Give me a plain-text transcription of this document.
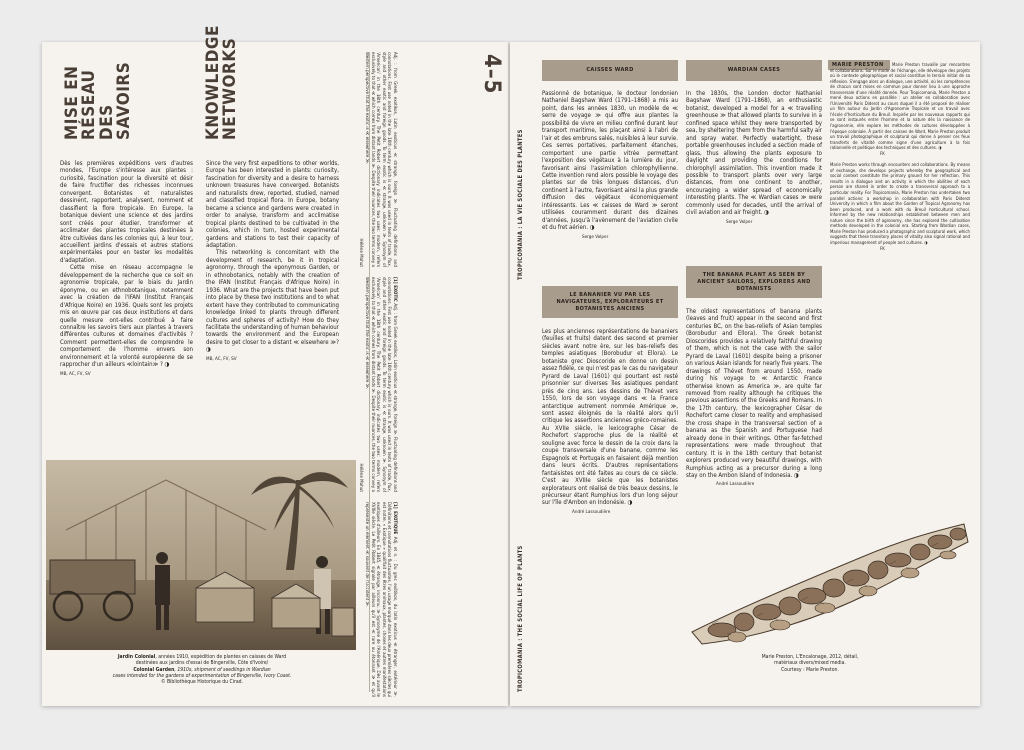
MISE EN RÉSEAU DES SAVOIRS	KNOWLEDGE NETWORKS

Dès les premières expéditions vers d'autres mondes, l'Europe s'intéresse aux plantes : curiosité, fascination pour la diversité et désir de faire fructifier des richesses inconnues convergent. Botanistes et naturalistes dessinent, rapportent, analysent, nomment et classifient la flore tropicale. En Europe, la botanique devient une science et des jardins sont créés pour étudier, transformer et acclimater des plantes tropicales destinées à être cultivées dans les colonies qui, à leur tour, accueillent jardins d'essais et autres stations expérimentales pour en tester les modalités d'adaptation.

Cette mise en réseau accompagne le développement de la recherche que ce soit en agronomie tropicale, par le biais du Jardin éponyme, ou en ethnobotanique, notamment avec la création de l'IFAN (Institut Français d'Afrique Noire) en 1936. Quels sont les projets mis en œuvre par ces deux institutions et dans quelle mesure ont-elles contribué à faire connaître les savoirs tiers aux plantes à travers différentes cultures et domaines d'activités ? Comment permettent-elles de comprendre le comportement de l'homme envers son environnement et la volonté européenne de se rapprocher d'un ailleurs ≪lointain≫ ? ◑

MB, AC, FV, SV

Since the very first expeditions to other worlds, Europe has been interested in plants: curiosity, fascination for diversity and a desire to harness unknown treasures have converged. Botanists and naturalists drew, reported, studied, named and classified tropical flora. In Europe, botany became a science and gardens were created in order to analyse, transform and acclimatise tropical plants destined to be cultivated in the colonies, which in turn, hosted experimental gardens and stations to test their capacity of adaptation.

This networking is concomitant with the development of research, be it in tropical agronomy, through the eponymous Garden, or in ethnobotanics, notably with the creation of the IFAN (Institut Français d'Afrique Noire) in 1936. What are the projects that have been put into place by these two institutions and to what extent have they contributed to communicating knowledge linked to plants through different cultures and spheres of activity? How do they facilitate the understanding of human behaviour towards the environment and the European desire to get closer to a distant ≪ elsewhere ≫? ◑

MB, AC, FV, SV
Adj. : from Greek exotikos, Latin exoticus ≪ strange, foreign ≫. Fluctuating definitions and connotations. First use noted in the late 16th century which is ours. It was used in texts of trade, flux, style and other exotic and foreign goods. To term exotic is ≪ strange, unknown ≫. Synonym of ‘American’ in the 18th century. The Petit Robert dictionary indicates two uses: modern, refers exclusively to that ≪ which comes from distant lands ≫. Despite their nuances, the two terms convey a Western perspective that the exotic is ≪ elsewhere ≫.
Hélène Mahut
[1] EXOTIC Adj. : from Greek exotikos, Latin exoticus ≪ strange, foreign ≫. Fluctuating definitions and connotations. First use noted in the late 16th century which is ours. It was used in texts of trade, flux, style and other exotic and foreign goods. To term exotic is ≪ strange, unknown ≫. Synonym of ‘American’ in the 18th century. The Petit Robert dictionary indicates two uses: modern, refers exclusively to that ≪ which comes from distant lands ≫. Despite their nuances, the two terms convey a Western perspective that the exotic is ≪ elsewhere ≫.
Hélène Mahut
[1] EXOTIQUE Adj. et n. : Du grec exôtikos, du latin exoticus ≪ étranger, extérieur ≫. Définitions et connotations fluctuantes, l'un usage marqué dans les deux premières siècles qui est notre, « Exotique » qualifiait des êtres animaux, plantes, choses et autres manifestations exotiques d'ailleurs. En 1845, ≪ étrange, inconnu. ≫ Synonyme de l'Amérique. Dès avant le XVIIIe siècle. Le Petit Robert signale par ailleurs qu'il est ≪ rare ou étonnant ≫ et qu'il représente un élément ≪ souvent de l'Occident ≫.
Jardin Colonial, années 1910, expédition de plantes en caisses de Ward
destinées aux jardins d'essai de Bingerville, Côte d'Ivoire/
Colonial Garden, 1910s, shipment of seedlings in Wardian
cases intended for the gardens of experimentation of Bingerville, Ivory Coast.
© Bibliothèque Historique du Cirad.
TROPICOMANIA : LA VIE SOCIALE DES PLANTES
TROPICOMANIA : THE SOCIAL LIFE OF PLANTS
4–5	CAISSES WARD

Passionné de botanique, le docteur londonien Nathaniel Bagshaw Ward (1791–1868) a mis au point, dans les années 1830, un modèle de ≪ serre de voyage ≫ qui offre aux plantes la possibilité de vivre en milieu confiné durant leur transport maritime, les plaçant ainsi à l'abri de l'air et des embruns salés, nuisibles à leur survie. Ces serres portatives, parfaitement étanches, comportent une partie vitrée permettant l'exposition des végétaux à la lumière du jour, favorisant ainsi l'assimilation chlorophyllienne. Cette invention rend alors possible le voyage des plantes sur de très longues distances, d'un continent à l'autre, favorisant ainsi la plus grande diffusion des végétaux économiquement intéressants. Les ≪ caisses de Ward ≫ seront utilisées couramment durant des dizaines d'années, jusqu'à l'avènement de l'aviation civile et du fret aérien. ◑

Serge Volper
WARDIAN CASES

In the 1830s, the London doctor Nathaniel Bagshaw Ward (1791–1868), an enthusiastic botanist, developed a model for a ≪ travelling greenhouse ≫ that allowed plants to survive in a confined space whilst they were transported by sea, by sheltering them from the harmful salty air and spray water. Perfectly watertight, these portable greenhouses included a section made of glass, thus allowing the plants exposure to daylight and providing the conditions for chlorophyll assimilation. This invention made it possible to transport plants over very large distances, from one continent to another, encouraging a wider spread of economically interesting plants. The ≪ Wardian cases ≫ were commonly used for decades, until the arrival of civil aviation and air freight. ◑

Serge Volper
MARIE PRESTON	Marie Preston travaille par rencontres et collaborations. Sur le mode de l'échange, elle développe des projets où le contexte géographique et social constitue le terrain initial de sa réflexion. S'engage alors un dialogue, une activité, où les compétences de chacun sont mises en commun pour donner lieu à une approche transversale d'une réalité donnée. Pour Tropicomania, Marie Preston a mené deux actions en parallèle : un atelier en collaboration avec l'Université Paris Diderot au cours duquel il a été proposé de réaliser un film autour du Jardin d'Agronomie Tropicale et un travail avec l'école d'horticulture du Breuil. Inspirée par les nouveaux rapports qui se sont instaurés entre l'homme et la nature dès la naissance de l'agronomie, elle explore les méthodes de cultures développées à l'époque coloniale. À partir des caisses de Ward, Marie Preston produit un travail photographique et sculptural qui donne à penser ces feux transferts de vitalité comme signe d'une agriculture à la fois rationnelle et poétique des techniques et des cultures. ◑

FK

Marie Preston works through encounters and collaborations. By means of exchange, she develops projects whereby the geographical and social context constitute the primary ground for her reflection. This results in a dialogue and an activity in which the abilities of each person are shared in order to create a transversal approach to a particular reality. For Tropicomania, Marie Preston has undertaken two parallel actions: a workshop in collaboration with Paris Diderot University in which a film about the Garden of Tropical Agronomy has been produced, and a work with du Breuil horticultural school. Informed by the new relationships established between men and nature since the birth of agronomy, she has explored the cultivation methods developed in the colonial era. Starting from Wardian cases, Marie Preston has produced a photographic and sculptural work, which suggests that these transitory places of vitality also signal rational and imperious management of people and cultures. ◑

FK
LE BANANIER VU PAR LES NAVIGATEURS, EXPLORATEURS ET BOTANISTES ANCIENS

Les plus anciennes représentations de bananiers (feuilles et fruits) datent des second et premier siècles avant notre ère, sur les bas-reliefs des temples asiatiques (Borobudur et Ellora). Le botaniste grec Dioscoride en donne un dessin assez fidèle, ce qui n'est pas le cas du navigateur Pyrard de Laval (1601) qui pourtant est resté prisonnier sur diverses îles asiatiques pendant près de cinq ans. Les dessins de Thévet vers 1550, lors de son voyage dans ≪ la France antarctique autrement nommée Amérique ≫, sont assez éloignés de la réalité alors qu'il critique les assertions anciennes gréco-romaines. Au XVIIe siècle, le lexicographe César de Rochefort s'approche plus de la réalité et souligne avec force le dessin de la croix dans la coupe transversale d'une banane, comme les Espagnols et Portugais en faisaient déjà mention dans leurs écrits. D'autres représentations fantaisistes ont été faites au cours de ce siècle. C'est au XVIIIe siècle que les botanistes explorateurs ont réalisé de très beaux dessins, le précurseur étant Rumphius lors d'un long séjour sur l'île d'Ambon en Indonésie. ◑

André Lassoudière
THE BANANA PLANT AS SEEN BY ANCIENT SAILORS, EXPLORERS AND BOTANISTS

The oldest representations of banana plants (leaves and fruit) appear in the second and first centuries BC, on the bas-reliefs of Asian temples (Borobudur and Ellora). The Greek botanist Dioscorides provides a relatively faithful drawing of them, which is not the case with the sailor Pyrard de Laval (1601) despite being a prisoner on various Asian islands for nearly five years. The drawings of Thévet from around 1550, made during his voyage to ≪ Antarctic France otherwise known as America ≫, are quite far removed from reality although he critiques the previous assertions of the Greeks and Romans. In the 17th century, the lexicographer César de Rochefort came closer to reality and emphasised the cross shape in the transversal section of a banana as the Spanish and Portuguese had already done in their writings. Other far-fetched representations were made throughout that century. It is in the 18th century that botanist explorers produced very beautiful drawings, with Rumphius acting as a precursor during a long stay on the Ambon Island of Indonesia. ◑

André Lassoudière
Marie Preston, L'Encalonage, 2012, détail,
matériaux divers/mixed media.
Courtesy : Marie Preston.
